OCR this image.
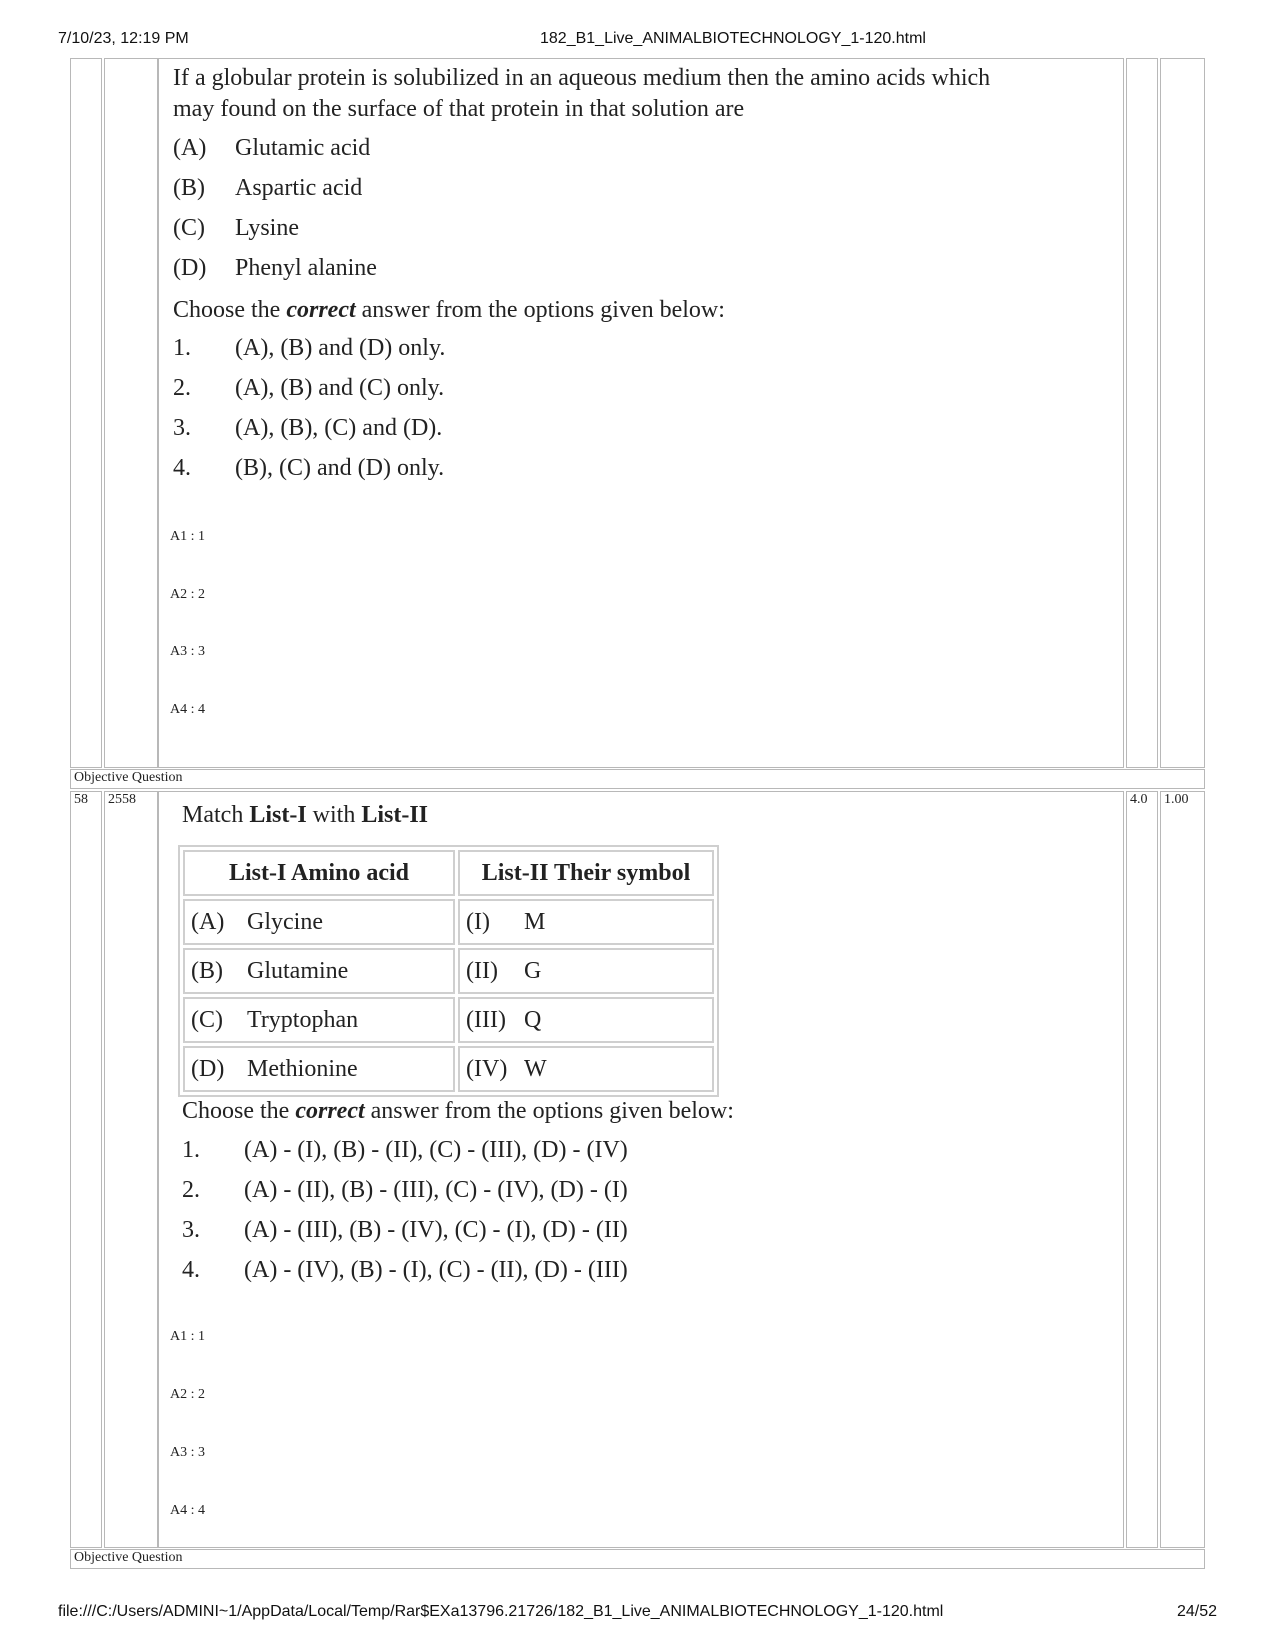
7/10/23, 12:19 PM	182_B1_Live_ANIMALBIOTECHNOLOGY_1-120.html
If a globular protein is solubilized in an aqueous medium then the amino acids which
may found on the surface of that protein in that solution are
(A) Glutamic acid
(B) Aspartic acid
(C) Lysine
(D) Phenyl alanine
Choose the correct answer from the options given below:
1. (A), (B) and (D) only.
2. (A), (B) and (C) only.
3. (A), (B), (C) and (D).
4. (B), (C) and (D) only.
A1 : 1
A2 : 2
A3 : 3
A4 : 4
Objective Question
58 2558	4.0 1.00
Match List-I with List-II
List-I Amino acid	List-II Their symbol
(A) Glycine	(I) M
(B) Glutamine	(II) G
(C) Tryptophan	(III) Q
(D) Methionine	(IV) W
Choose the correct answer from the options given below:
1. (A) - (I), (B) - (II), (C) - (III), (D) - (IV)
2. (A) - (II), (B) - (III), (C) - (IV), (D) - (I)
3. (A) - (III), (B) - (IV), (C) - (I), (D) - (II)
4. (A) - (IV), (B) - (I), (C) - (II), (D) - (III)
A1 : 1
A2 : 2
A3 : 3
A4 : 4
Objective Question
file:///C:/Users/ADMINI~1/AppData/Local/Temp/Rar$EXa13796.21726/182_B1_Live_ANIMALBIOTECHNOLOGY_1-120.html	24/52
